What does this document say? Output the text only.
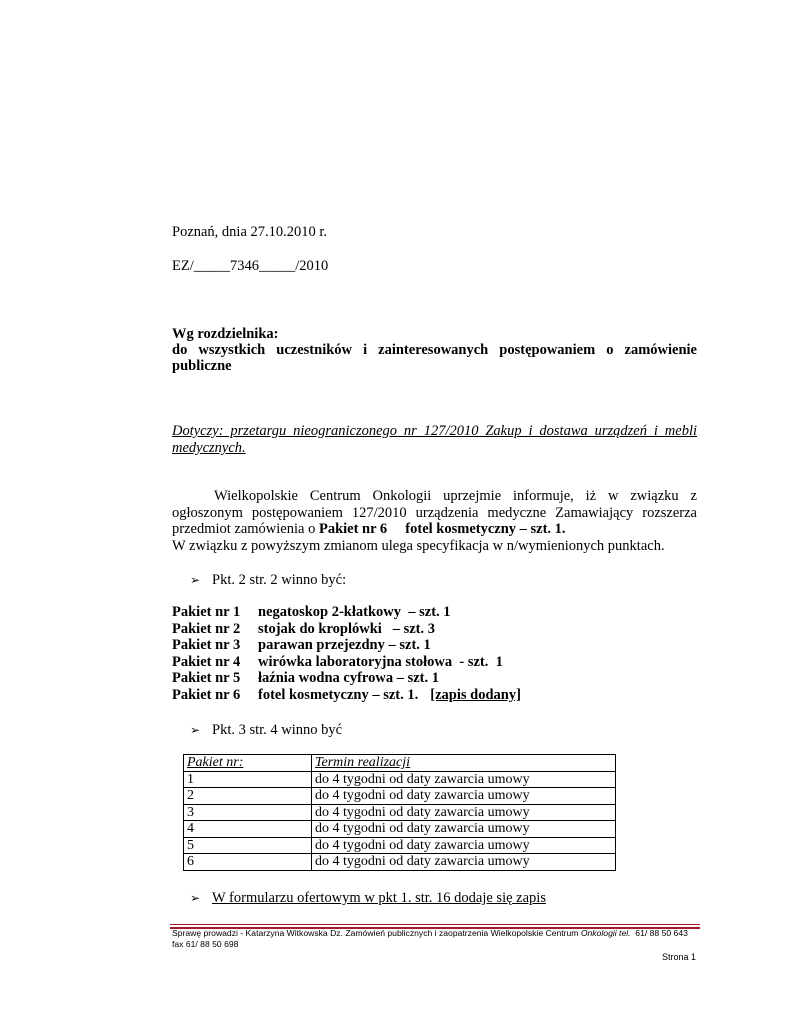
Poznań, dnia 27.10.2010 r.
EZ/_____7346_____/2010
Wg rozdzielnika:
do wszystkich uczestników i zainteresowanych postępowaniem o zamówienie
publiczne
Dotyczy: przetargu nieograniczonego nr 127/2010 Zakup i dostawa urządzeń i mebli
medycznych.
Wielkopolskie Centrum Onkologii uprzejmie informuje, iż w związku z
ogłoszonym postępowaniem 127/2010 urządzenia medyczne Zamawiający rozszerza
przedmiot zamówienia o Pakiet nr 6     fotel kosmetyczny – szt. 1.
W związku z powyższym zmianom ulega specyfikacja w n/wymienionych punktach.
➢ Pkt. 2 str. 2 winno być:
Pakiet nr 1 negatoskop 2-kłatkowy  – szt. 1
Pakiet nr 2 stojak do kroplówki   – szt. 3
Pakiet nr 3 parawan przejezdny – szt. 1
Pakiet nr 4 wirówka laboratoryjna stołowa  - szt.  1
Pakiet nr 5 łaźnia wodna cyfrowa – szt. 1
Pakiet nr 6 fotel kosmetyczny – szt. 1. [zapis dodany]
➢ Pkt. 3 str. 4 winno być
Pakiet nr:	Termin realizacji
1	do 4 tygodni od daty zawarcia umowy
2	do 4 tygodni od daty zawarcia umowy
3	do 4 tygodni od daty zawarcia umowy
4	do 4 tygodni od daty zawarcia umowy
5	do 4 tygodni od daty zawarcia umowy
6	do 4 tygodni od daty zawarcia umowy
➢ W formularzu ofertowym w pkt 1. str. 16 dodaje się zapis
Sprawę prowadzi - Katarzyna Witkowska Dz. Zamówień publicznych i zaopatrzenia Wielkopolskie Centrum Onkologii tel.  61/ 88 50 643
fax 61/ 88 50 698
Strona 1
